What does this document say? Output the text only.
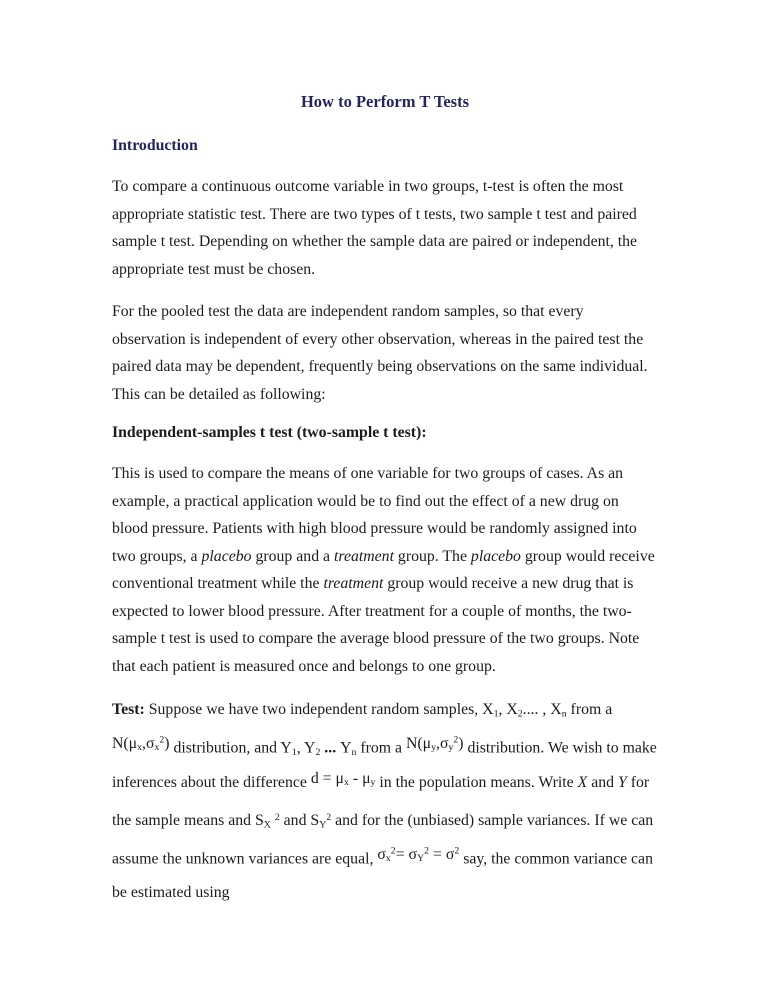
How to Perform T Tests
Introduction

To compare a continuous outcome variable in two groups, t-test is often the most appropriate statistic test. There are two types of t tests, two sample t test and paired sample t test. Depending on whether the sample data are paired or independent, the appropriate test must be chosen.

For the pooled test the data are independent random samples, so that every observation is independent of every other observation, whereas in the paired test the paired data may be dependent, frequently being observations on the same individual. This can be detailed as following:

Independent-samples t test (two-sample t test):

This is used to compare the means of one variable for two groups of cases. As an example, a practical application would be to find out the effect of a new drug on blood pressure. Patients with high blood pressure would be randomly assigned into two groups, a placebo group and a treatment group. The placebo group would receive conventional treatment while the treatment group would receive a new drug that is expected to lower blood pressure. After treatment for a couple of months, the two-sample t test is used to compare the average blood pressure of the two groups. Note that each patient is measured once and belongs to one group.

Test: Suppose we have two independent random samples, X1, X2.... , Xn from a $N(\mu x,\sigma x^2)$ distribution, and Y1, Y2 ... Yn from a $N(\mu y,\sigma y^2)$ distribution. We wish to make inferences about the difference d = μx - μy in the population means. Write X and Y for the sample means and SX $^2$ and $SY^2$ and for the (unbiased) sample variances. If we can assume the unknown variances are equal, $\sigma x^2= \sigma Y^2 = \sigma^2$ say, the common variance can be estimated using
